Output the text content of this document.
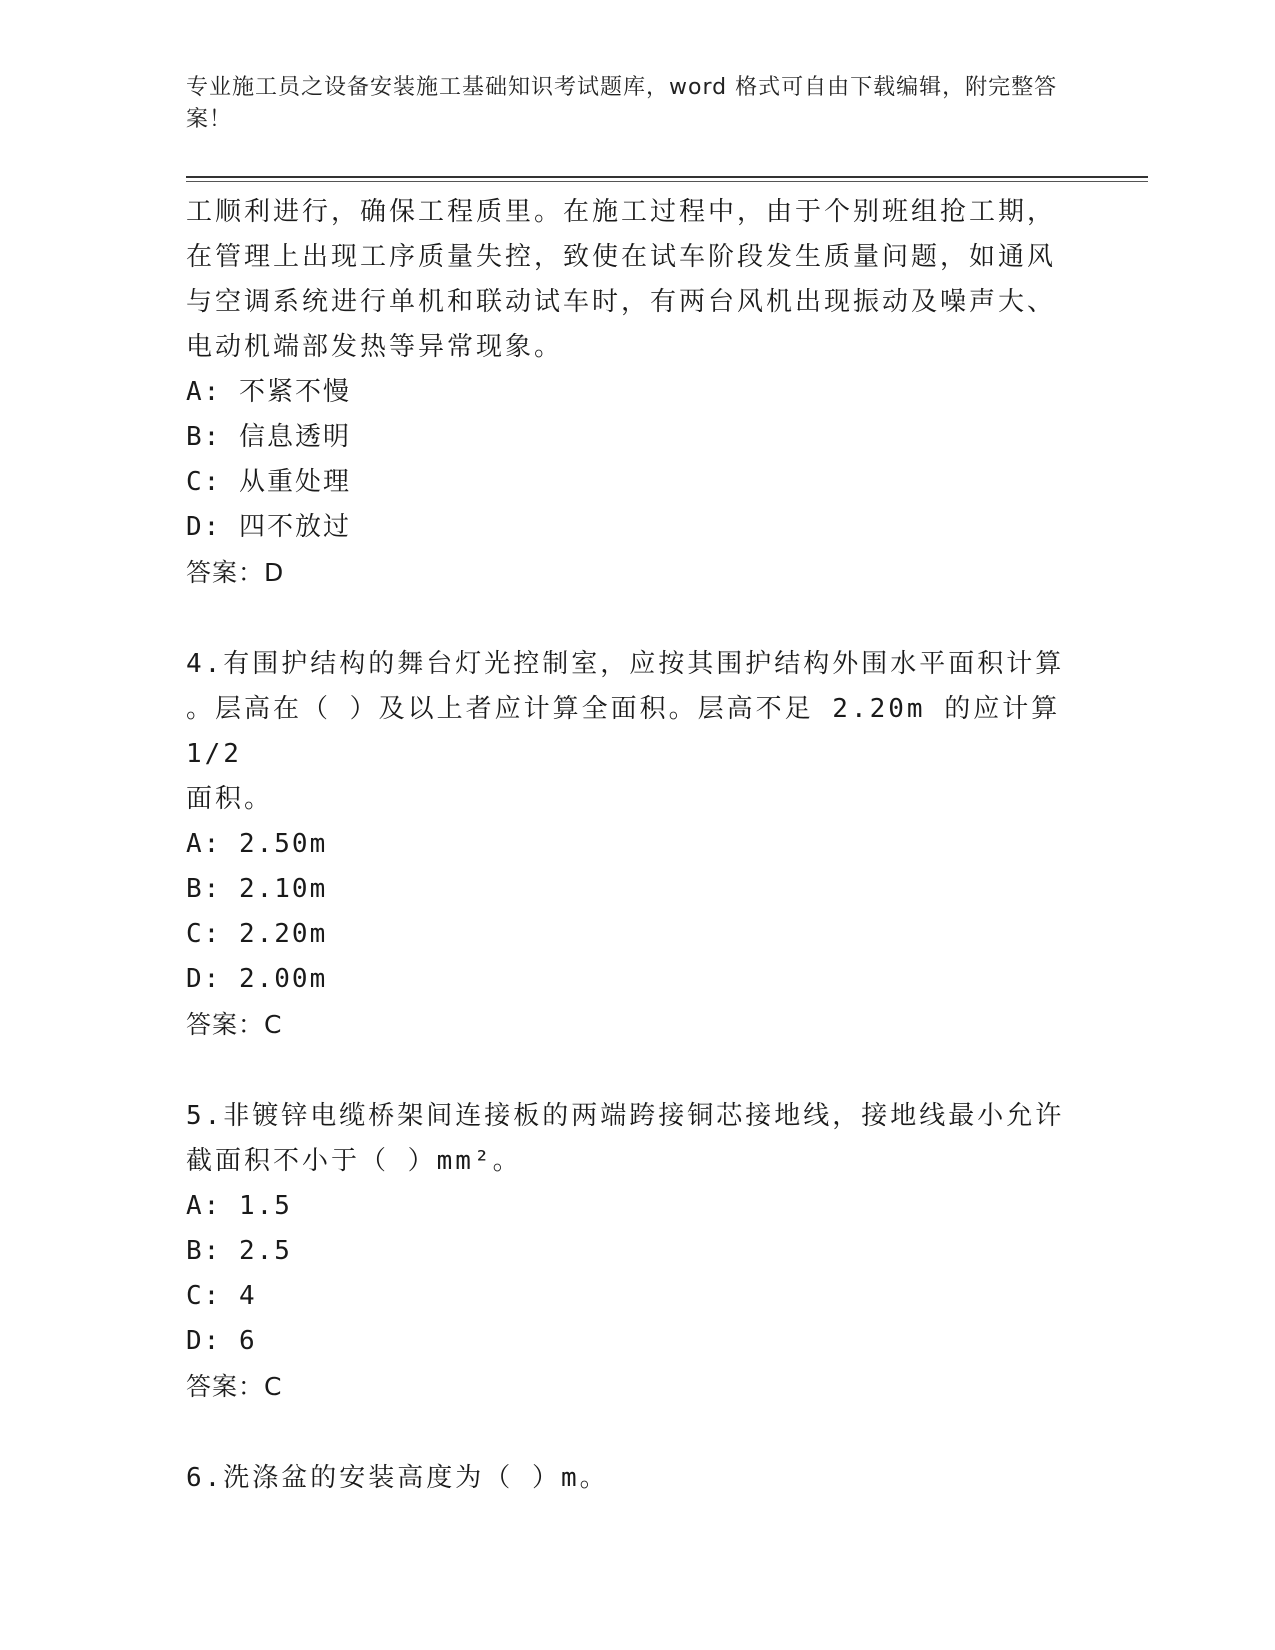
专业施工员之设备安装施工基础知识考试题库，word 格式可自由下载编辑，附完整答案！

工顺利进行，确保工程质里。在施工过程中，由于个别班组抢工期，

在管理上出现工序质量失控，致使在试车阶段发生质量问题，如通风

与空调系统进行单机和联动试车时，有两台风机出现振动及噪声大、

电动机端部发热等异常现象。

A: 不紧不慢

B: 信息透明

C: 从重处理

D: 四不放过

答案：D

4.有围护结构的舞台灯光控制室，应按其围护结构外围水平面积计算

。层高在（ ）及以上者应计算全面积。层高不足 2.20m 的应计算 1/2

面积。

A: 2.50m

B: 2.10m

C: 2.20m

D: 2.00m

答案：C

5.非镀锌电缆桥架间连接板的两端跨接铜芯接地线，接地线最小允许

截面积不小于（ ）mm²。

A: 1.5

B: 2.5

C: 4

D: 6

答案：C

6.洗涤盆的安装高度为（ ）m。
